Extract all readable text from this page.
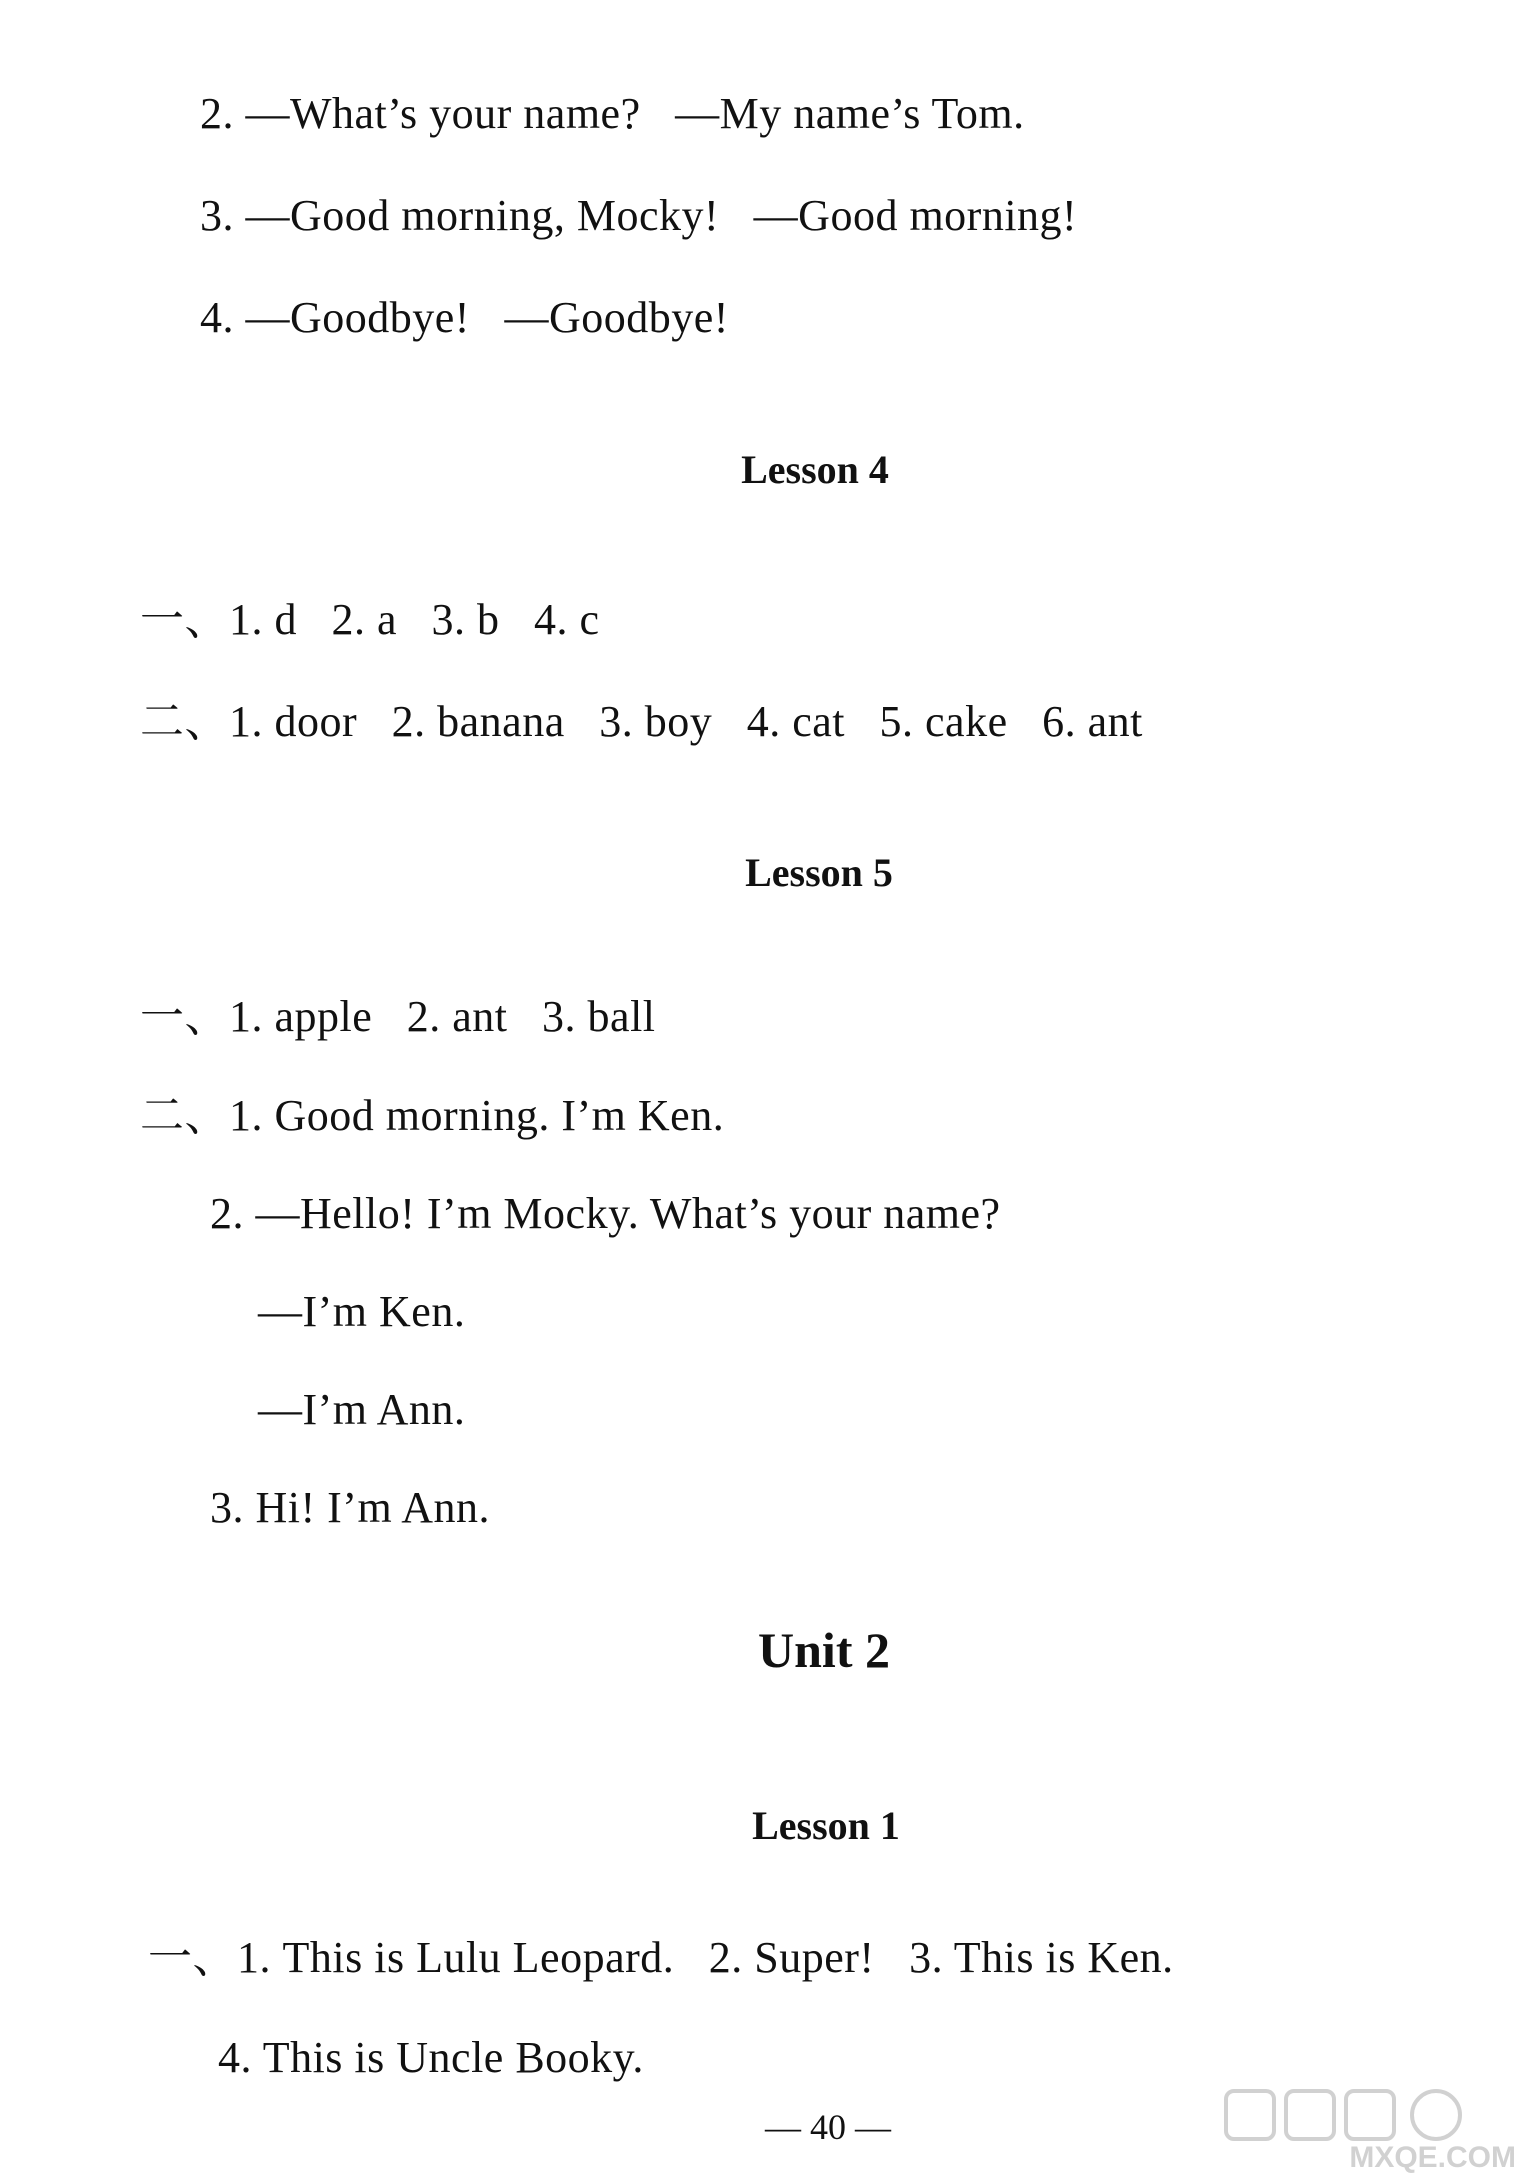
2. —What’s your name?   —My name’s Tom.
3. —Good morning, Mocky!   —Good morning!
4. —Goodbye!   —Goodbye!
Lesson 4
一、1. d   2. a   3. b   4. c
二、1. door   2. banana   3. boy   4. cat   5. cake   6. ant
Lesson 5
一、1. apple   2. ant   3. ball
二、1. Good morning. I’m Ken.
2. —Hello! I’m Mocky. What’s your name?
—I’m Ken.
—I’m Ann.
3. Hi! I’m Ann.
Unit 2
Lesson 1
一、1. This is Lulu Leopard.   2. Super!   3. This is Ken.
4. This is Uncle Booky.
— 40 —
MXQE.COM
